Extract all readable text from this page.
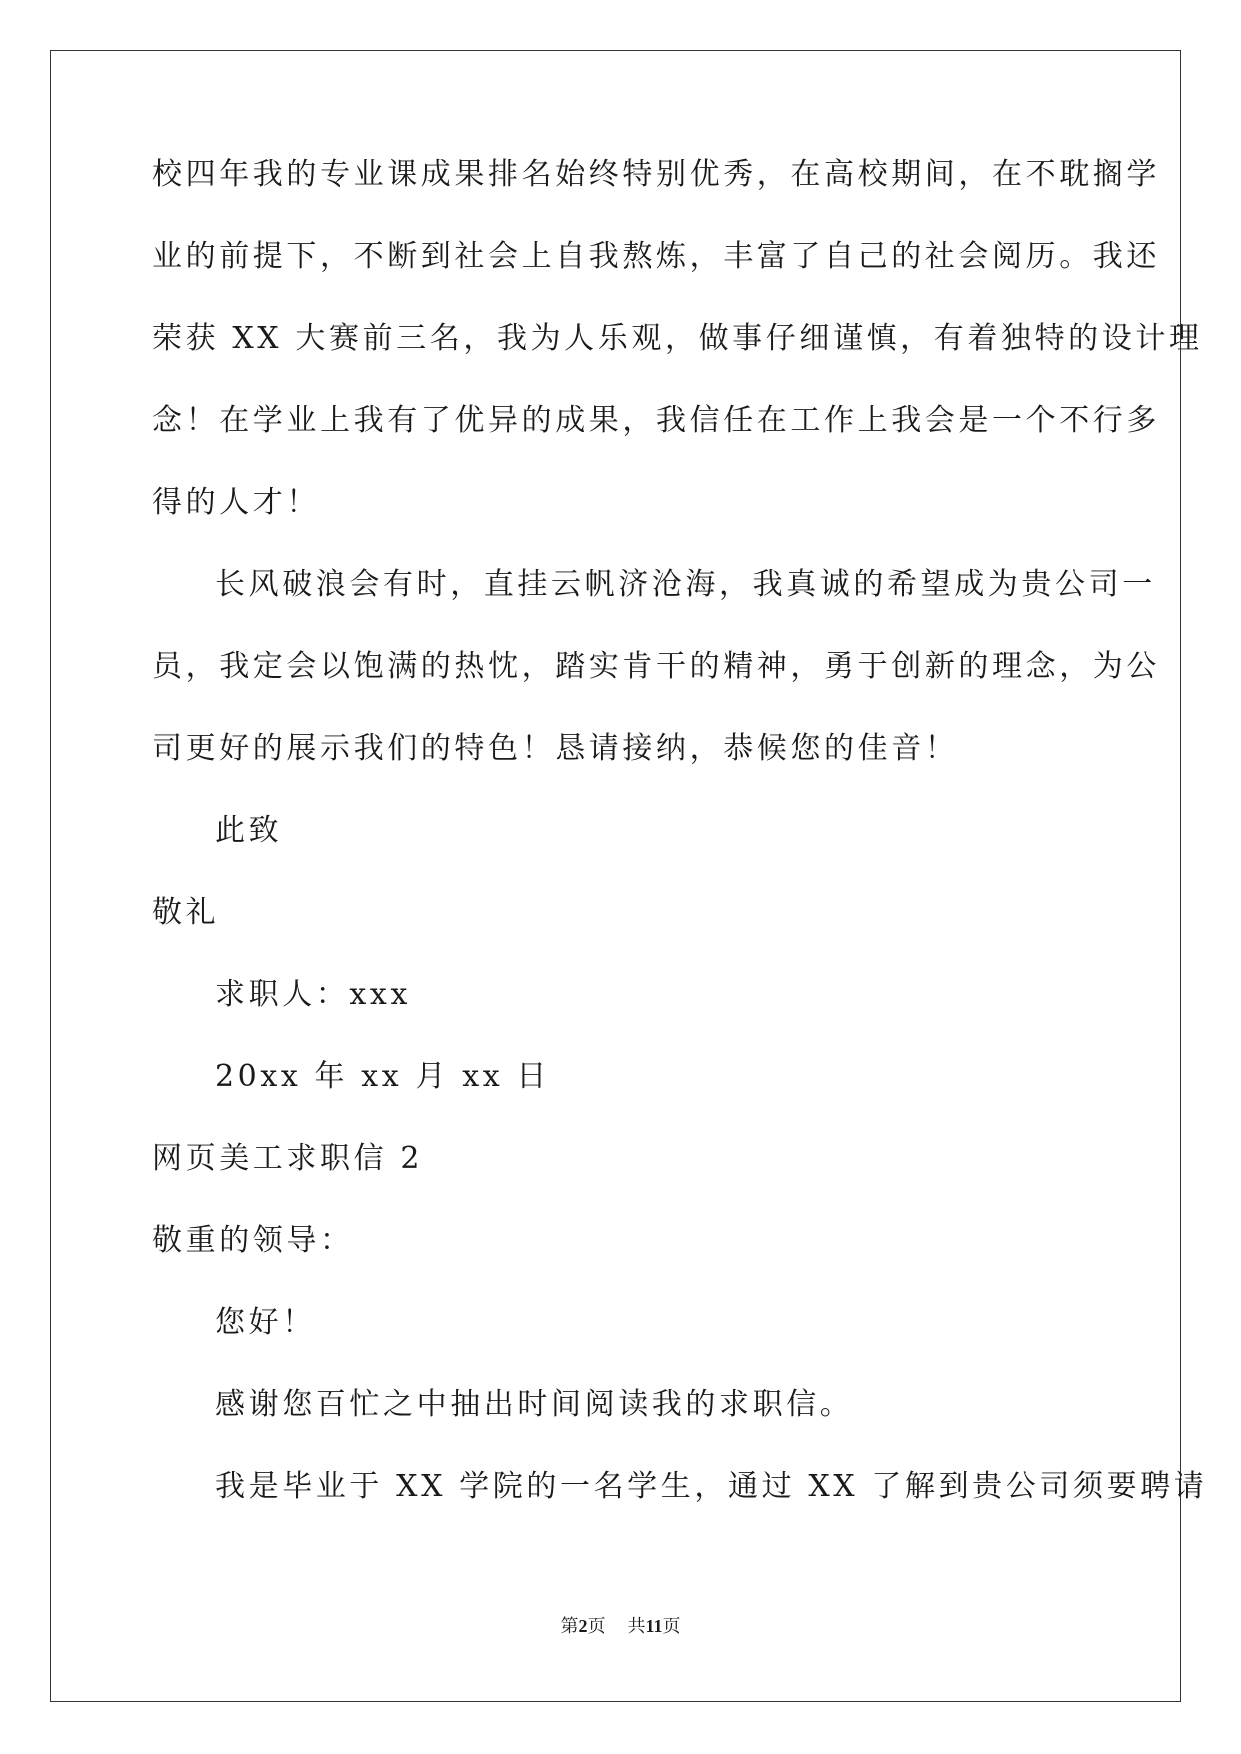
校四年我的专业课成果排名始终特别优秀，在高校期间，在不耽搁学

业的前提下，不断到社会上自我熬炼，丰富了自己的社会阅历。我还

荣获 XX 大赛前三名，我为人乐观，做事仔细谨慎，有着独特的设计理

念！在学业上我有了优异的成果，我信任在工作上我会是一个不行多

得的人才！

长风破浪会有时，直挂云帆济沧海，我真诚的希望成为贵公司一

员，我定会以饱满的热忱，踏实肯干的精神，勇于创新的理念，为公

司更好的展示我们的特色！恳请接纳，恭候您的佳音！

此致

敬礼

求职人：xxx

20xx 年 xx 月 xx 日

网页美工求职信 2

敬重的领导：

您好！

感谢您百忙之中抽出时间阅读我的求职信。

我是毕业于 XX 学院的一名学生，通过 XX 了解到贵公司须要聘请

第2页 共11页
